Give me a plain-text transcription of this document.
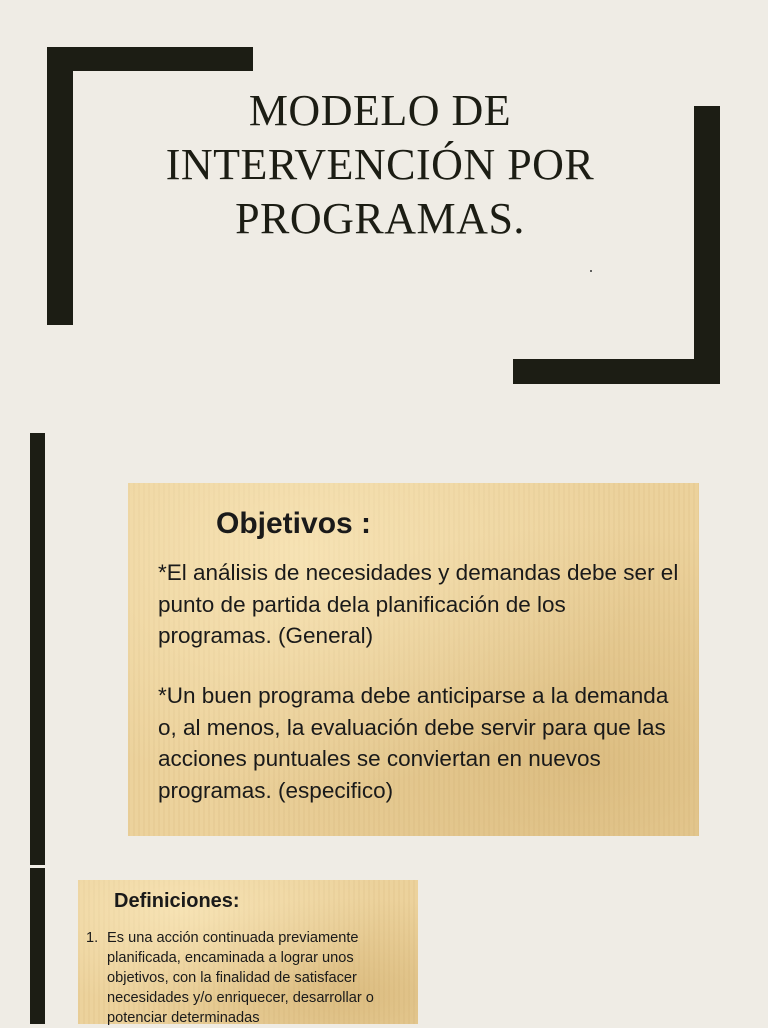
MODELO DE
INTERVENCIÓN POR
PROGRAMAS.
Objetivos :

*El análisis de necesidades y demandas debe ser el punto de partida dela planificación de los programas. (General)

*Un buen programa debe anticiparse a la demanda o, al menos, la evaluación debe servir para que las acciones puntuales se conviertan en nuevos programas. (especifico)

Definiciones:
1. Es una acción continuada previamente planificada, encaminada a lograr unos objetivos, con la finalidad de satisfacer necesidades y/o enriquecer, desarrollar o potenciar determinadas
